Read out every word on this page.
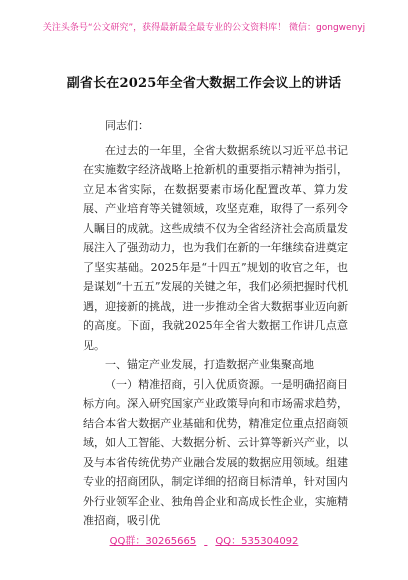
关注头条号“公文研究”，获得最新最全最专业的公文资料库！ 微信：gongwenyj
副省长在2025年全省大数据工作会议上的讲话

同志们：

在过去的一年里，全省大数据系统以习近平总书记在实施数字经济战略上抢新机的重要指示精神为指引，立足本省实际，在数据要素市场化配置改革、算力发展、产业培育等关键领域，攻坚克难，取得了一系列令人瞩目的成就。这些成绩不仅为全省经济社会高质量发展注入了强劲动力，也为我们在新的一年继续奋进奠定了坚实基础。2025年是“十四五”规划的收官之年，也是谋划“十五五”发展的关键之年，我们必须把握时代机遇，迎接新的挑战，进一步推动全省大数据事业迈向新的高度。下面，我就2025年全省大数据工作讲几点意见。

一、锚定产业发展，打造数据产业集聚高地

（一）精准招商，引入优质资源。一是明确招商目标方向。深入研究国家产业政策导向和市场需求趋势，结合本省大数据产业基础和优势，精准定位重点招商领域，如人工智能、大数据分析、云计算等新兴产业，以及与本省传统优势产业融合发展的数据应用领域。组建专业的招商团队，制定详细的招商目标清单，针对国内外行业领军企业、独角兽企业和高成长性企业，实施精准招商，吸引优

QQ群：30265665 QQ：535304092
